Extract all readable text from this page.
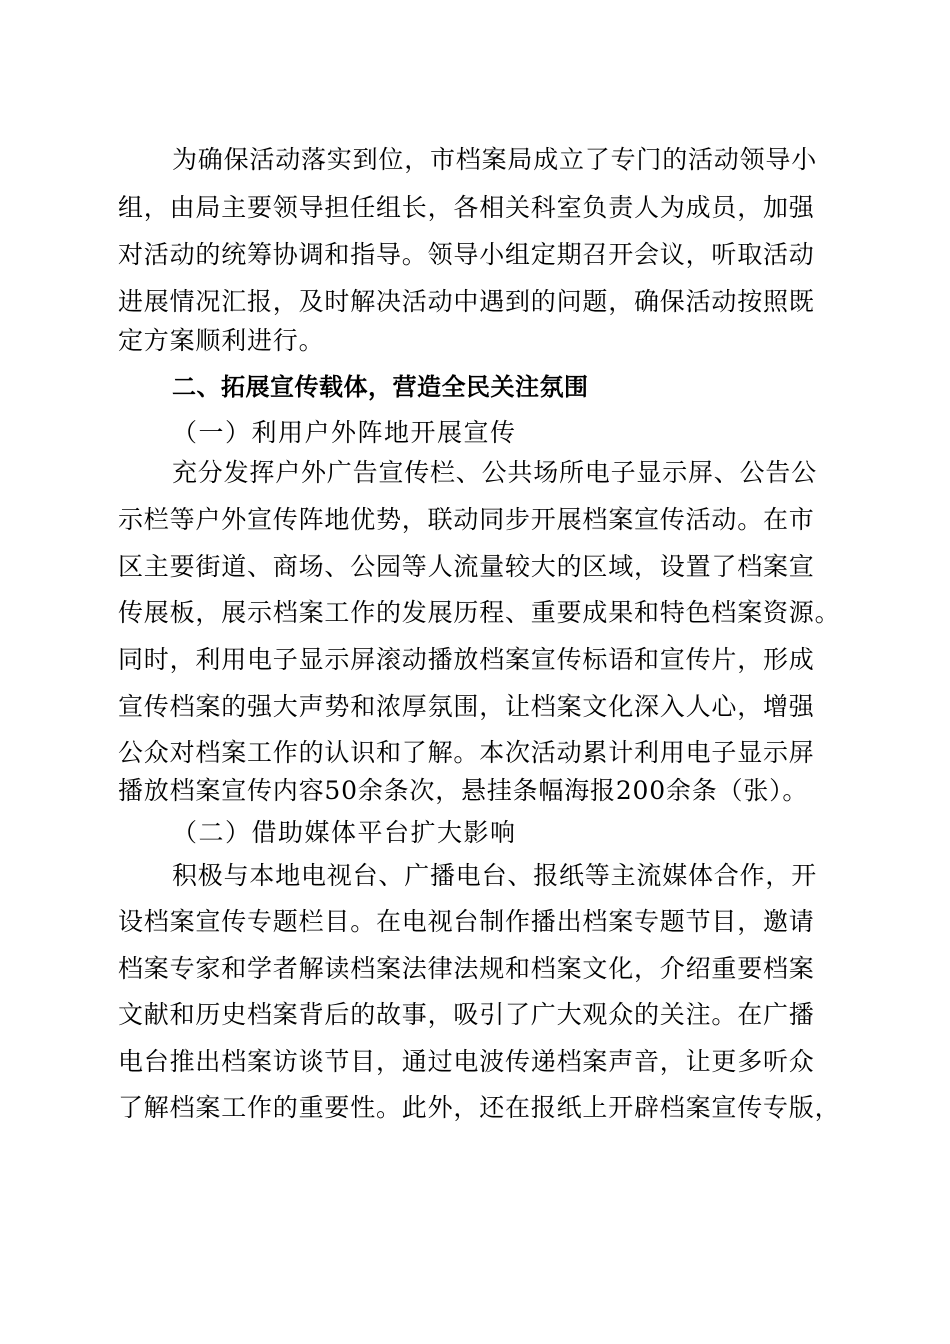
为确保活动落实到位，市档案局成立了专门的活动领导小
组，由局主要领导担任组长，各相关科室负责人为成员，加强
对活动的统筹协调和指导。领导小组定期召开会议，听取活动
进展情况汇报，及时解决活动中遇到的问题，确保活动按照既
定方案顺利进行。
二、拓展宣传载体，营造全民关注氛围
（一）利用户外阵地开展宣传
充分发挥户外广告宣传栏、公共场所电子显示屏、公告公
示栏等户外宣传阵地优势，联动同步开展档案宣传活动。在市
区主要街道、商场、公园等人流量较大的区域，设置了档案宣
传展板，展示档案工作的发展历程、重要成果和特色档案资源。
同时，利用电子显示屏滚动播放档案宣传标语和宣传片，形成
宣传档案的强大声势和浓厚氛围，让档案文化深入人心，增强
公众对档案工作的认识和了解。本次活动累计利用电子显示屏
播放档案宣传内容50余条次，悬挂条幅海报200余条（张）。
（二）借助媒体平台扩大影响
积极与本地电视台、广播电台、报纸等主流媒体合作，开
设档案宣传专题栏目。在电视台制作播出档案专题节目，邀请
档案专家和学者解读档案法律法规和档案文化，介绍重要档案
文献和历史档案背后的故事，吸引了广大观众的关注。在广播
电台推出档案访谈节目，通过电波传递档案声音，让更多听众
了解档案工作的重要性。此外，还在报纸上开辟档案宣传专版，
